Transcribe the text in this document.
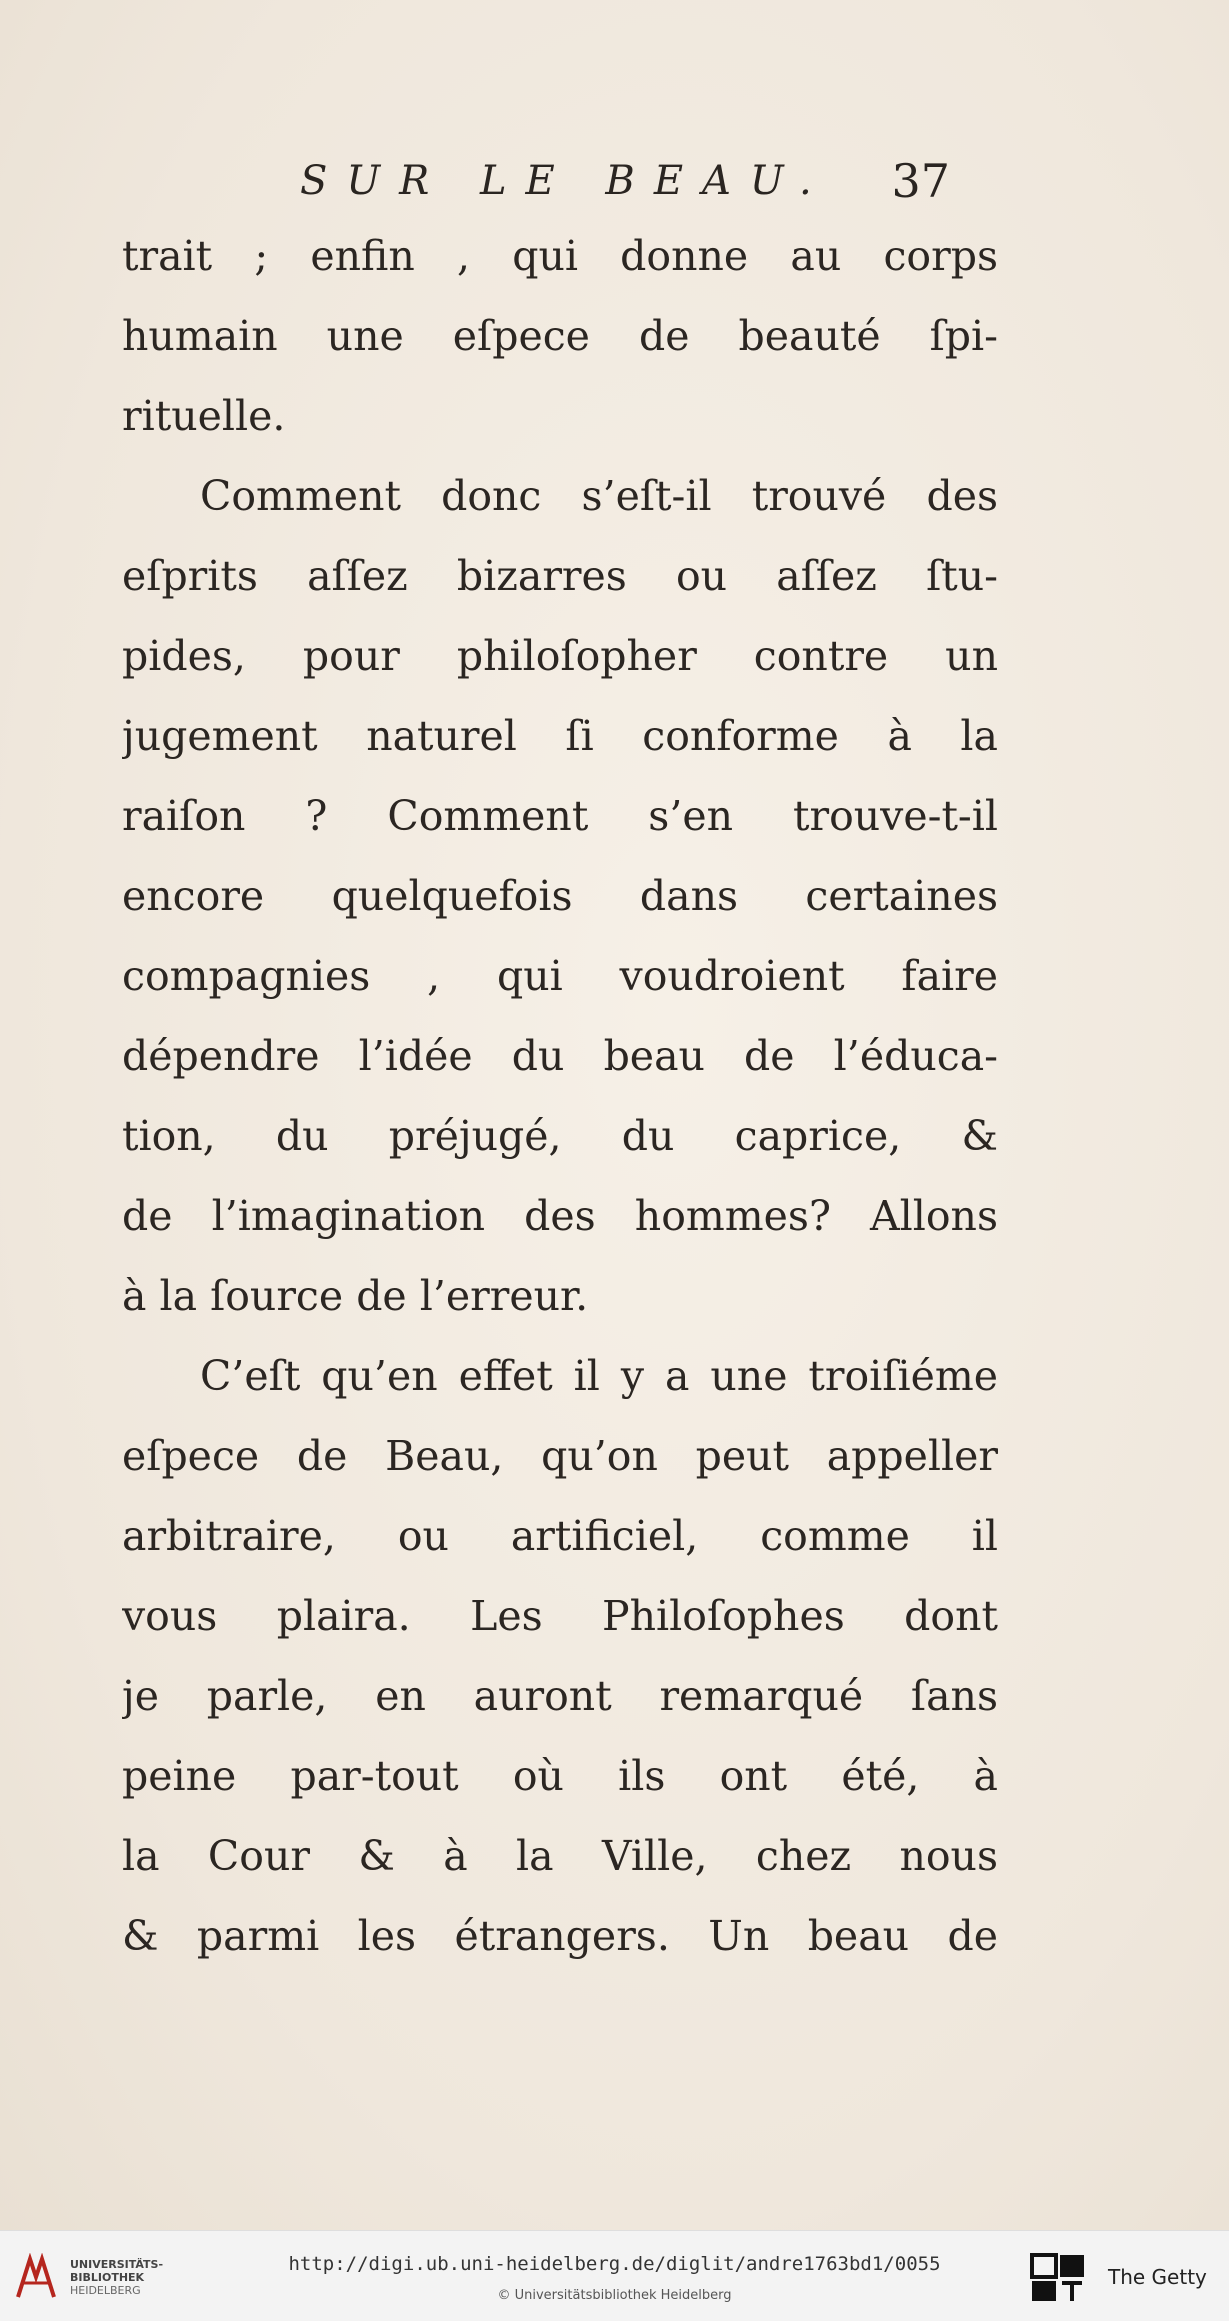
SUR LE BEAU. 37
trait ; enfin , qui donne au corps
humain une eſpece de beauté ſpi-
rituelle.
Comment donc s’eſt-il trouvé des
eſprits aſſez bizarres ou aſſez ſtu-
pides, pour philoſopher contre un
jugement naturel ſi conforme à la
raiſon ? Comment s’en trouve-t-il
encore quelquefois dans certaines
compagnies , qui voudroient faire
dépendre l’idée du beau de l’éduca-
tion, du préjugé, du caprice, &
de l’imagination des hommes? Allons
à la ſource de l’erreur.
C’eſt qu’en effet il y a une troiſiéme
eſpece de Beau, qu’on peut appeller
arbitraire, ou artificiel, comme il
vous plaira. Les Philoſophes dont
je parle, en auront remarqué ſans
peine par-tout où ils ont été, à
la Cour & à la Ville, chez nous
& parmi les étrangers. Un beau de
UNIVERSITÄTS-
BIBLIOTHEK
HEIDELBERG
http://digi.ub.uni-heidelberg.de/diglit/andre1763bd1/0055
© Universitätsbibliothek Heidelberg
The Getty
